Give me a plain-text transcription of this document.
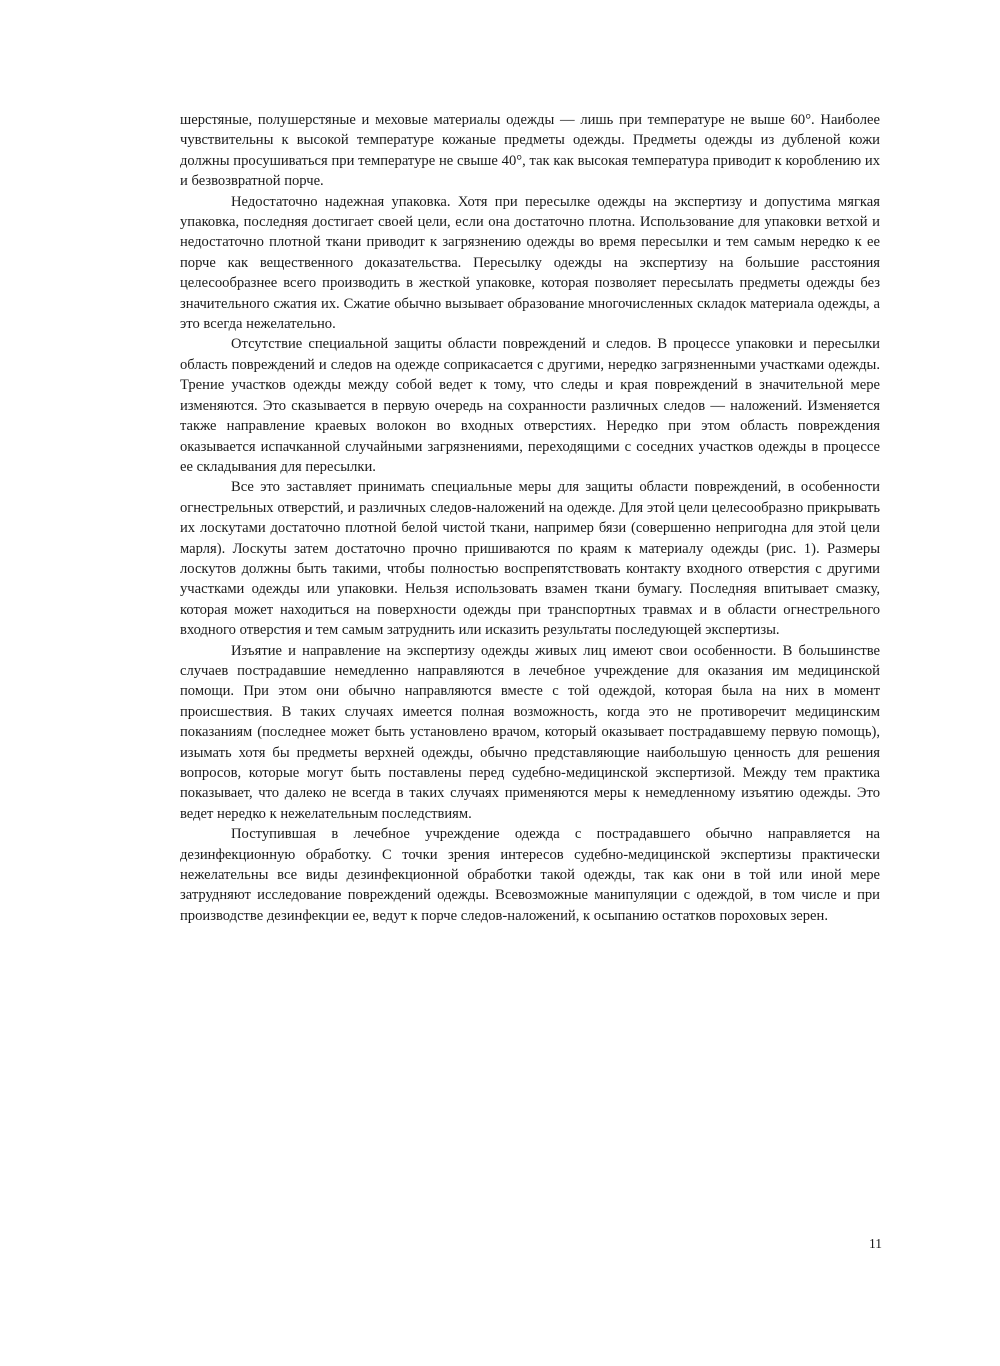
шерстяные, полушерстяные и меховые материалы одежды — лишь при температуре не выше 60°. Наиболее чувствительны к высокой температуре кожаные предметы одежды. Предметы одежды из дубленой кожи должны просушиваться при температуре не свыше 40°, так как высокая температура приводит к короблению их и безвозвратной порче.

Недостаточно надежная упаковка. Хотя при пересылке одежды на экспертизу и допустима мягкая упаковка, последняя достигает своей цели, если она достаточно плотна. Использование для упаковки ветхой и недостаточно плотной ткани приводит к загрязнению одежды во время пересылки и тем самым нередко к ее порче как вещественного доказательства. Пересылку одежды на экспертизу на большие расстояния целесообразнее всего производить в жесткой упаковке, которая позволяет пересылать предметы одежды без значительного сжатия их. Сжатие обычно вызывает образование многочисленных складок материала одежды, а это всегда нежелательно.

Отсутствие специальной защиты области повреждений и следов. В процессе упаковки и пересылки область повреждений и следов на одежде соприкасается с другими, нередко загрязненными участками одежды. Трение участков одежды между собой ведет к тому, что следы и края повреждений в значительной мере изменяются. Это сказывается в первую очередь на сохранности различных следов — наложений. Изменяется также направление краевых волокон во входных отверстиях. Нередко при этом область повреждения оказывается испачканной случайными загрязнениями, переходящими с соседних участков одежды в процессе ее складывания для пересылки.

Все это заставляет принимать специальные меры для защиты области повреждений, в особенности огнестрельных отверстий, и различных следов-наложений на одежде. Для этой цели целесообразно прикрывать их лоскутами достаточно плотной белой чистой ткани, например бязи (совершенно непригодна для этой цели марля). Лоскуты затем достаточно прочно пришиваются по краям к материалу одежды (рис. 1). Размеры лоскутов должны быть такими, чтобы полностью воспрепятствовать контакту входного отверстия с другими участками одежды или упаковки. Нельзя использовать взамен ткани бумагу. Последняя впитывает смазку, которая может находиться на поверхности одежды при транспортных травмах и в области огнестрельного входного отверстия и тем самым затруднить или исказить результаты последующей экспертизы.

Изъятие и направление на экспертизу одежды живых лиц имеют свои особенности. В большинстве случаев пострадавшие немедленно направляются в лечебное учреждение для оказания им медицинской помощи. При этом они обычно направляются вместе с той одеждой, которая была на них в момент происшествия. В таких случаях имеется полная возможность, когда это не противоречит медицинским показаниям (последнее может быть установлено врачом, который оказывает пострадавшему первую помощь), изымать хотя бы предметы верхней одежды, обычно представляющие наибольшую ценность для решения вопросов, которые могут быть поставлены перед судебно-медицинской экспертизой. Между тем практика показывает, что далеко не всегда в таких случаях применяются меры к немедленному изъятию одежды. Это ведет нередко к нежелательным последствиям.

Поступившая в лечебное учреждение одежда с пострадавшего обычно направляется на дезинфекционную обработку. С точки зрения интересов судебно-медицинской экспертизы практически нежелательны все виды дезинфекционной обработки такой одежды, так как они в той или иной мере затрудняют исследование повреждений одежды. Всевозможные манипуляции с одеждой, в том числе и при производстве дезинфекции ее, ведут к порче следов-наложений, к осыпанию остатков пороховых зерен.

11
